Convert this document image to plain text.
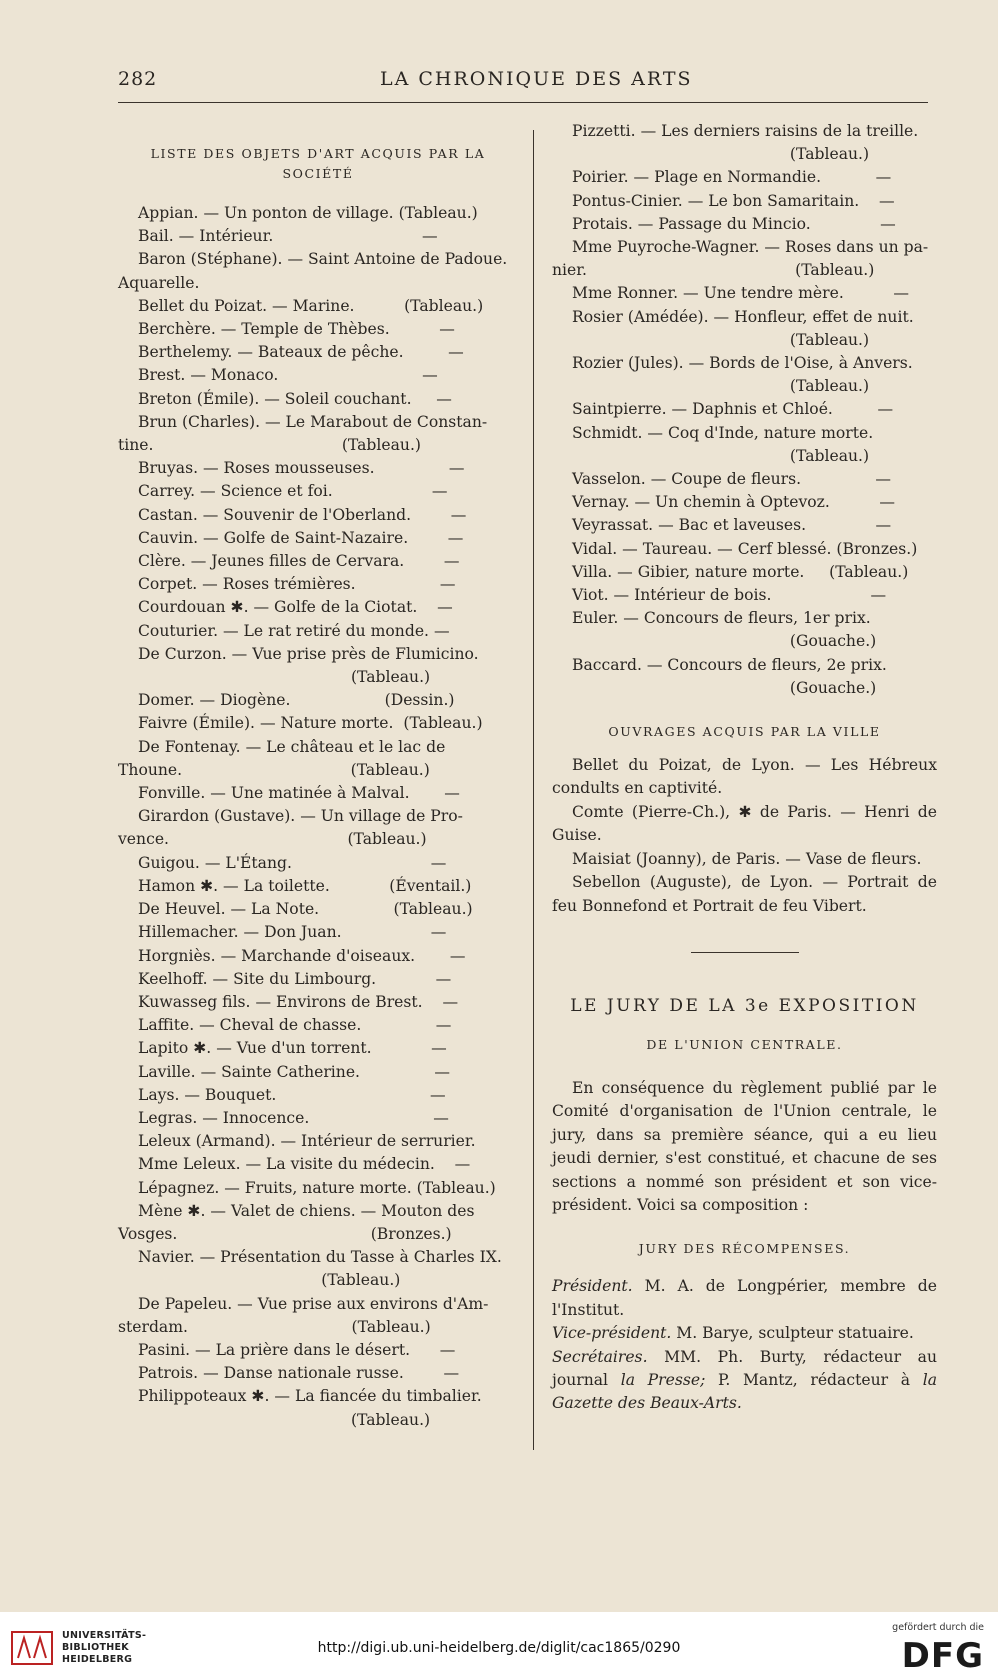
282	LA CHRONIQUE DES ARTS
LISTE DES OBJETS D'ART ACQUIS PAR LA
SOCIÉTÉ

Appian. — Un ponton de village. (Tableau.)

Bail. — Intérieur.                              —

Baron (Stéphane). — Saint Antoine de Padoue.

Aquarelle.

Bellet du Poizat. — Marine.          (Tableau.)

Berchère. — Temple de Thèbes.          —

Berthelemy. — Bateaux de pêche.         —

Brest. — Monaco.                             —

Breton (Émile). — Soleil couchant.     —

Brun (Charles). — Le Marabout de Constan-

tine.                                      (Tableau.)

Bruyas. — Roses mousseuses.               —

Carrey. — Science et foi.                    —

Castan. — Souvenir de l'Oberland.        —

Cauvin. — Golfe de Saint-Nazaire.        —

Clère. — Jeunes filles de Cervara.        —

Corpet. — Roses trémières.                 —

Courdouan ✱. — Golfe de la Ciotat.    —

Couturier. — Le rat retiré du monde. —

De Curzon. — Vue prise près de Flumicino.

(Tableau.)

Domer. — Diogène.                   (Dessin.)

Faivre (Émile). — Nature morte.  (Tableau.)

De Fontenay. — Le château et le lac de

Thoune.                                  (Tableau.)

Fonville. — Une matinée à Malval.       —

Girardon (Gustave). — Un village de Pro-

vence.                                    (Tableau.)

Guigou. — L'Étang.                            —

Hamon ✱. — La toilette.            (Éventail.)

De Heuvel. — La Note.               (Tableau.)

Hillemacher. — Don Juan.                  —

Horgniès. — Marchande d'oiseaux.       —

Keelhoff. — Site du Limbourg.            —

Kuwasseg fils. — Environs de Brest.    —

Laffite. — Cheval de chasse.               —

Lapito ✱. — Vue d'un torrent.            —

Laville. — Sainte Catherine.               —

Lays. — Bouquet.                               —

Legras. — Innocence.                         —

Leleux (Armand). — Intérieur de serrurier.

Mme Leleux. — La visite du médecin.    —

Lépagnez. — Fruits, nature morte. (Tableau.)

Mène ✱. — Valet de chiens. — Mouton des

Vosges.                                       (Bronzes.)

Navier. — Présentation du Tasse à Charles IX.

(Tableau.)

De Papeleu. — Vue prise aux environs d'Am-

sterdam.                                 (Tableau.)

Pasini. — La prière dans le désert.      —

Patrois. — Danse nationale russe.        —

Philippoteaux ✱. — La fiancée du timbalier.

(Tableau.)

Pizzetti. — Les derniers raisins de la treille.

(Tableau.)

Poirier. — Plage en Normandie.           —

Pontus-Cinier. — Le bon Samaritain.    —

Protais. — Passage du Mincio.              —

Mme Puyroche-Wagner. — Roses dans un pa-

nier.                                          (Tableau.)

Mme Ronner. — Une tendre mère.          —

Rosier (Amédée). — Honfleur, effet de nuit.

(Tableau.)

Rozier (Jules). — Bords de l'Oise, à Anvers.

(Tableau.)

Saintpierre. — Daphnis et Chloé.         —

Schmidt. — Coq d'Inde, nature morte.

(Tableau.)

Vasselon. — Coupe de fleurs.               —

Vernay. — Un chemin à Optevoz.          —

Veyrassat. — Bac et laveuses.              —

Vidal. — Taureau. — Cerf blessé. (Bronzes.)

Villa. — Gibier, nature morte.     (Tableau.)

Viot. — Intérieur de bois.                    —

Euler. — Concours de fleurs, 1er prix.

(Gouache.)

Baccard. — Concours de fleurs, 2e prix.

(Gouache.)

OUVRAGES ACQUIS PAR LA VILLE

Bellet du Poizat, de Lyon. — Les Hébreux condults en captivité.

Comte (Pierre-Ch.), ✱ de Paris. — Henri de Guise.

Maisiat (Joanny), de Paris. — Vase de fleurs.

Sebellon (Auguste), de Lyon. — Portrait de feu Bonnefond et Portrait de feu Vibert.

LE JURY DE LA 3e EXPOSITION
DE L'UNION CENTRALE.

En conséquence du règlement publié par le Comité d'organisation de l'Union centrale, le jury, dans sa première séance, qui a eu lieu jeudi dernier, s'est constitué, et chacune de ses sections a nommé son président et son vice-président. Voici sa composition :

JURY DES RÉCOMPENSES.

Président. M. A. de Longpérier, membre de l'Institut.

Vice-président. M. Barye, sculpteur statuaire.

Secrétaires. MM. Ph. Burty, rédacteur au journal la Presse; P. Mantz, rédacteur à la Gazette des Beaux-Arts.

UNIVERSITÄTS-
BIBLIOTHEK
HEIDELBERG
http://digi.ub.uni-heidelberg.de/diglit/cac1865/0290
gefördert durch die
DFG
